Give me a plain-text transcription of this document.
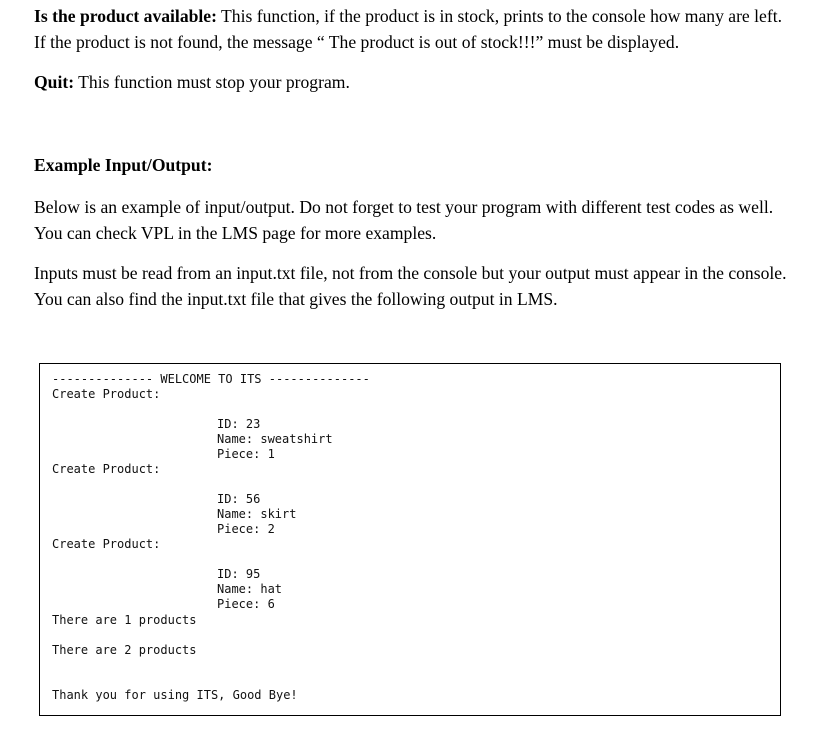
Is the product available: This function, if the product is in stock, prints to the console how many are left. If the product is not found, the message “ The product is out of stock!!!” must be displayed.

Quit: This function must stop your program.

Example Input/Output:

Below is an example of input/output. Do not forget to test your program with different test codes as well. You can check VPL in the LMS page for more examples.

Inputs must be read from an input.txt file, not from the console but your output must appear in the console. You can also find the input.txt file that gives the following output in LMS.

-------------- WELCOME TO ITS --------------
Create Product:
ID: 23
Name: sweatshirt
Piece: 1
Create Product:
ID: 56
Name: skirt
Piece: 2
Create Product:
ID: 95
Name: hat
Piece: 6
There are 1 products
There are 2 products
Thank you for using ITS, Good Bye!
